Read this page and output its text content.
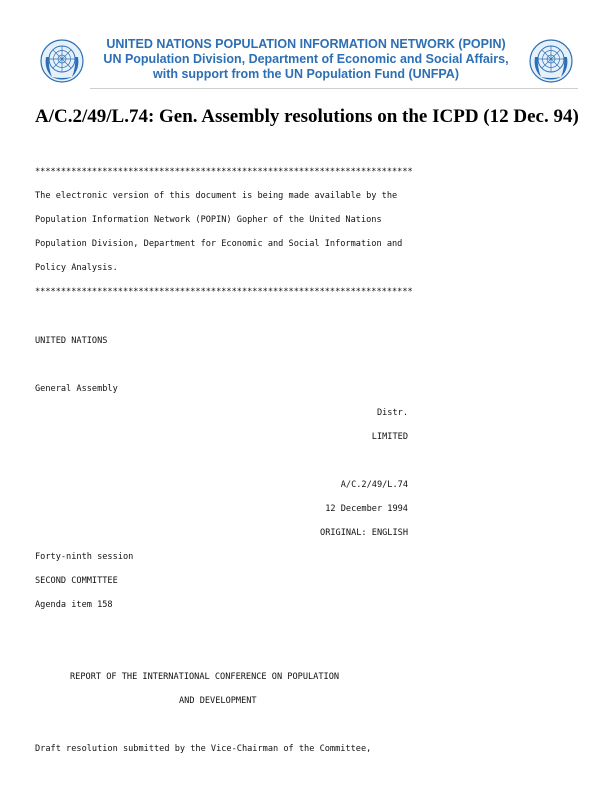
UNITED NATIONS POPULATION INFORMATION NETWORK (POPIN)
UN Population Division, Department of Economic and Social Affairs,
with support from the UN Population Fund (UNFPA)
A/C.2/49/L.74: Gen. Assembly resolutions on the ICPD (12 Dec. 94)

*************************************************************************

The electronic version of this document is being made available by the

Population Information Network (POPIN) Gopher of the United Nations

Population Division, Department for Economic and Social Information and

Policy Analysis.

*************************************************************************

UNITED NATIONS

General Assembly

Distr.

LIMITED

A/C.2/49/L.74

12 December 1994

ORIGINAL: ENGLISH

Forty-ninth session

SECOND COMMITTEE

Agenda item 158

REPORT OF THE INTERNATIONAL CONFERENCE ON POPULATION

AND DEVELOPMENT

Draft resolution submitted by the Vice-Chairman of the Committee,
